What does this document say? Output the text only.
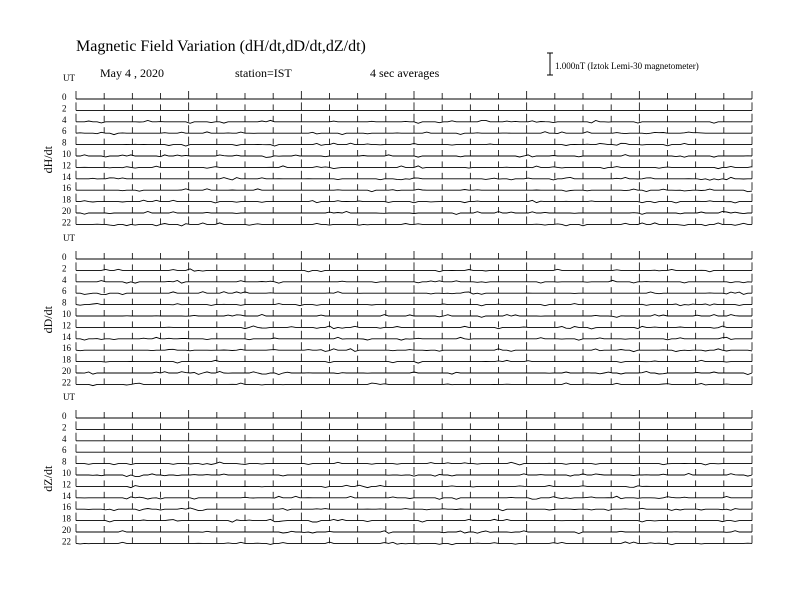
Magnetic Field Variation (dH/dt,dD/dt,dZ/dt)
May 4 , 2020	station=IST	4 sec averages	1.000nT (Iztok Lemi-30 magnetometer)
UT
dH/dt
0
2
4
6
8
10
12
14
16
18
20
22
UT
dD/dt
0
2
4
6
8
10
12
14
16
18
20
22
UT
dZ/dt
0
2
4
6
8
10
12
14
16
18
20
22
